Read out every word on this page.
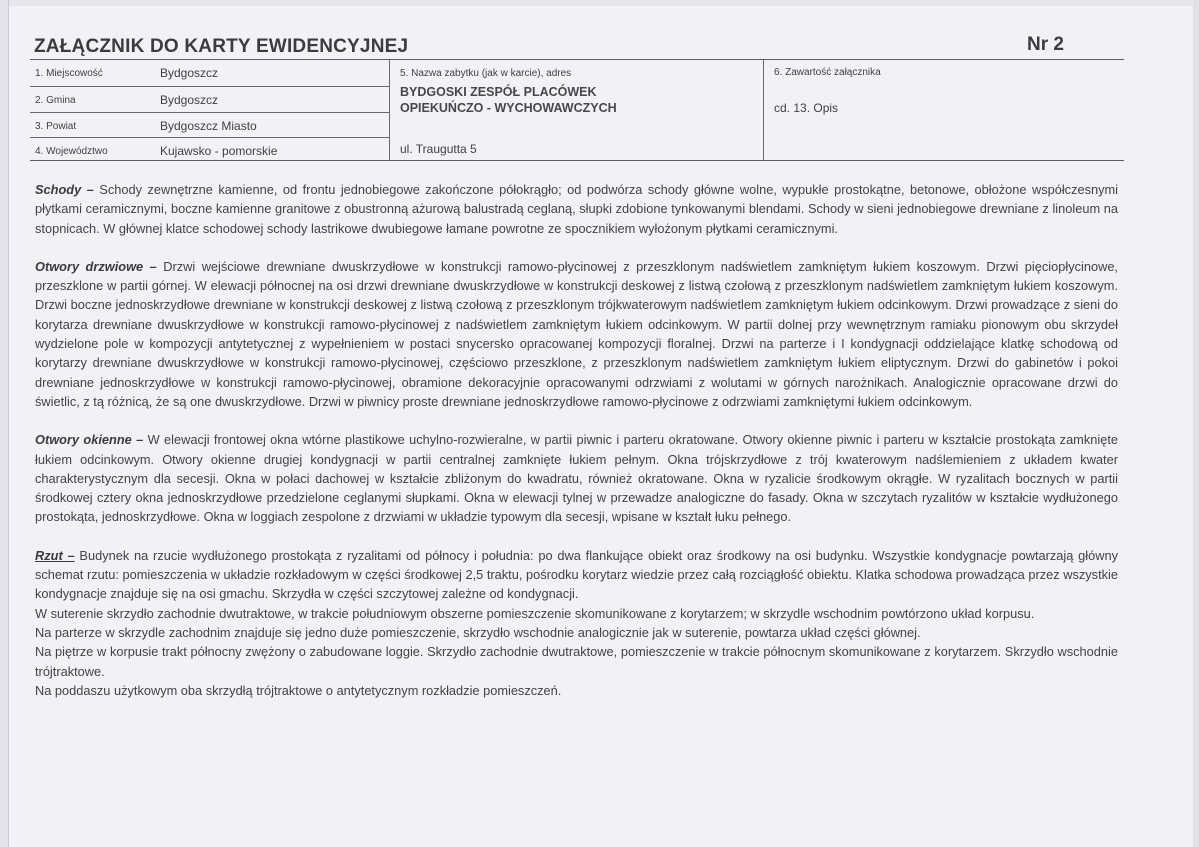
ZAŁĄCZNIK DO KARTY EWIDENCYJNEJ	Nr 2
1. Miejscowość	Bydgoszcz
2. Gmina	Bydgoszcz
3. Powiat	Bydgoszcz Miasto
4. Województwo	Kujawsko - pomorskie
5. Nazwa zabytku (jak w karcie), adres
BYDGOSKI ZESPÓŁ PLACÓWEK
OPIEKUŃCZO - WYCHOWAWCZYCH
ul. Traugutta 5
6. Zawartość załącznika
cd. 13. Opis

Schody – Schody zewnętrzne kamienne, od frontu jednobiegowe zakończone półokrągło; od podwórza schody główne wolne, wypukłe prostokątne, betonowe, obłożone współczesnymi płytkami ceramicznymi, boczne kamienne granitowe z obustronną ażurową balustradą ceglaną, słupki zdobione tynkowanymi blendami. Schody w sieni jednobiegowe drewniane z linoleum na stopnicach. W głównej klatce schodowej schody lastrikowe dwubiegowe łamane powrotne ze spocznikiem wyłożonym płytkami ceramicznymi.

Otwory drzwiowe – Drzwi wejściowe drewniane dwuskrzydłowe w konstrukcji ramowo-płycinowej z przeszklonym nadświetlem zamkniętym łukiem koszowym. Drzwi pięciopłycinowe, przeszklone w partii górnej. W elewacji północnej na osi drzwi drewniane dwuskrzydłowe w konstrukcji deskowej z listwą czołową z przeszklonym nadświetlem zamkniętym łukiem koszowym. Drzwi boczne jednoskrzydłowe drewniane w konstrukcji deskowej z listwą czołową z przeszklonym trójkwaterowym nadświetlem zamkniętym łukiem odcinkowym. Drzwi prowadzące z sieni do korytarza drewniane dwuskrzydłowe w konstrukcji ramowo-płycinowej z nadświetlem zamkniętym łukiem odcinkowym. W partii dolnej przy wewnętrznym ramiaku pionowym obu skrzydeł wydzielone pole w kompozycji antytetycznej z wypełnieniem w postaci snycersko opracowanej kompozycji floralnej. Drzwi na parterze i I kondygnacji oddzielające klatkę schodową od korytarzy drewniane dwuskrzydłowe w konstrukcji ramowo-płycinowej, częściowo przeszklone, z przeszklonym nadświetlem zamkniętym łukiem eliptycznym. Drzwi do gabinetów i pokoi drewniane jednoskrzydłowe w konstrukcji ramowo-płycinowej, obramione dekoracyjnie opracowanymi odrzwiami z wolutami w górnych narożnikach. Analogicznie opracowane drzwi do świetlic, z tą różnicą, że są one dwuskrzydłowe. Drzwi w piwnicy proste drewniane jednoskrzydłowe ramowo-płycinowe z odrzwiami zamkniętymi łukiem odcinkowym.

Otwory okienne – W elewacji frontowej okna wtórne plastikowe uchylno-rozwieralne, w partii piwnic i parteru okratowane. Otwory okienne piwnic i parteru w kształcie prostokąta zamknięte łukiem odcinkowym. Otwory okienne drugiej kondygnacji w partii centralnej zamknięte łukiem pełnym. Okna trójskrzydłowe z trój kwaterowym nadślemieniem z układem kwater charakterystycznym dla secesji. Okna w połaci dachowej w kształcie zbliżonym do kwadratu, również okratowane. Okna w ryzalicie środkowym okrągłe. W ryzalitach bocznych w partii środkowej cztery okna jednoskrzydłowe przedzielone ceglanymi słupkami. Okna w elewacji tylnej w przewadze analogiczne do fasady. Okna w szczytach ryzalitów w kształcie wydłużonego prostokąta, jednoskrzydłowe. Okna w loggiach zespolone z drzwiami w układzie typowym dla secesji, wpisane w kształt łuku pełnego.

Rzut – Budynek na rzucie wydłużonego prostokąta z ryzalitami od północy i południa: po dwa flankujące obiekt oraz środkowy na osi budynku. Wszystkie kondygnacje powtarzają główny schemat rzutu: pomieszczenia w układzie rozkładowym w części środkowej 2,5 traktu, pośrodku korytarz wiedzie przez całą rozciągłość obiektu. Klatka schodowa prowadząca przez wszystkie kondygnacje znajduje się na osi gmachu. Skrzydła w części szczytowej zależne od kondygnacji.

W suterenie skrzydło zachodnie dwutraktowe, w trakcie południowym obszerne pomieszczenie skomunikowane z korytarzem; w skrzydle wschodnim powtórzono układ korpusu.

Na parterze w skrzydle zachodnim znajduje się jedno duże pomieszczenie, skrzydło wschodnie analogicznie jak w suterenie, powtarza układ części głównej.

Na piętrze w korpusie trakt północny zwężony o zabudowane loggie. Skrzydło zachodnie dwutraktowe, pomieszczenie w trakcie północnym skomunikowane z korytarzem. Skrzydło wschodnie trójtraktowe.

Na poddaszu użytkowym oba skrzydłą trójtraktowe o antytetycznym rozkładzie pomieszczeń.
